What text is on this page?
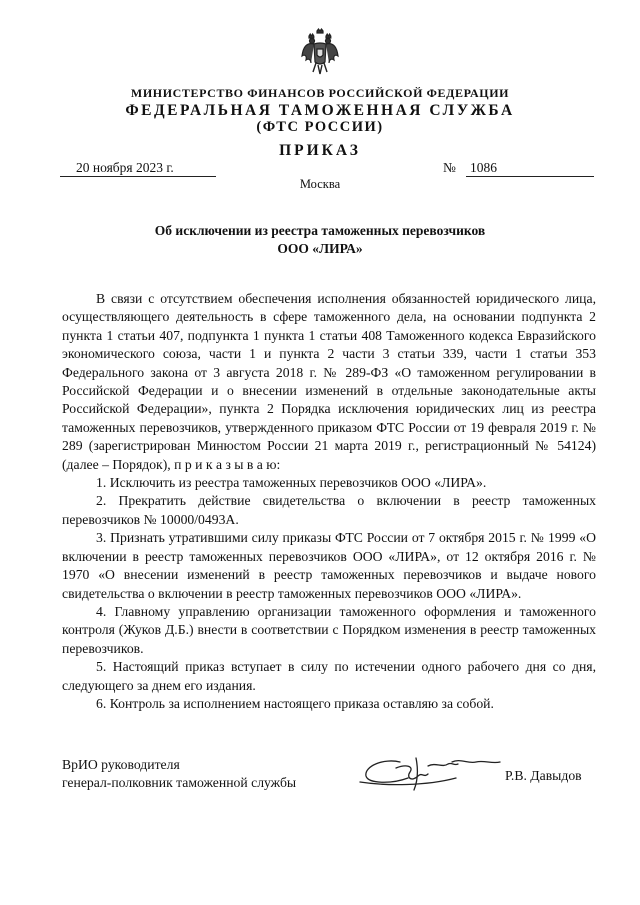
МИНИСТЕРСТВО ФИНАНСОВ РОССИЙСКОЙ ФЕДЕРАЦИИ
ФЕДЕРАЛЬНАЯ ТАМОЖЕННАЯ СЛУЖБА
(ФТС РОССИИ)
ПРИКАЗ
20 ноября 2023 г.	№ 1086
Москва
Об исключении из реестра таможенных перевозчиков
ООО «ЛИРА»

В связи с отсутствием обеспечения исполнения обязанностей юридического лица, осуществляющего деятельность в сфере таможенного дела, на основании подпункта 2 пункта 1 статьи 407, подпункта 1 пункта 1 статьи 408 Таможенного кодекса Евразийского экономического союза, части 1 и пункта 2 части 3 статьи 339, части 1 статьи 353 Федерального закона от 3 августа 2018 г. № 289-ФЗ «О таможенном регулировании в Российской Федерации и о внесении изменений в отдельные законодательные акты Российской Федерации», пункта 2 Порядка исключения юридических лиц из реестра таможенных перевозчиков, утвержденного приказом ФТС России от 19 февраля 2019 г. № 289 (зарегистрирован Минюстом России 21 марта 2019 г., регистрационный № 54124) (далее – Порядок), п р и к а з ы в а ю:

1. Исключить из реестра таможенных перевозчиков ООО «ЛИРА».

2. Прекратить действие свидетельства о включении в реестр таможенных перевозчиков № 10000/0493А.

3. Признать утратившими силу приказы ФТС России от 7 октября 2015 г. № 1999 «О включении в реестр таможенных перевозчиков ООО «ЛИРА», от 12 октября 2016 г. № 1970 «О внесении изменений в реестр таможенных перевозчиков и выдаче нового свидетельства о включении в реестр таможенных перевозчиков ООО «ЛИРА».

4. Главному управлению организации таможенного оформления и таможенного контроля (Жуков Д.Б.) внести в соответствии с Порядком изменения в реестр таможенных перевозчиков.

5. Настоящий приказ вступает в силу по истечении одного рабочего дня со дня, следующего за днем его издания.

6. Контроль за исполнением настоящего приказа оставляю за собой.

ВрИО руководителя
генерал-полковник таможенной службы	Р.В. Давыдов
